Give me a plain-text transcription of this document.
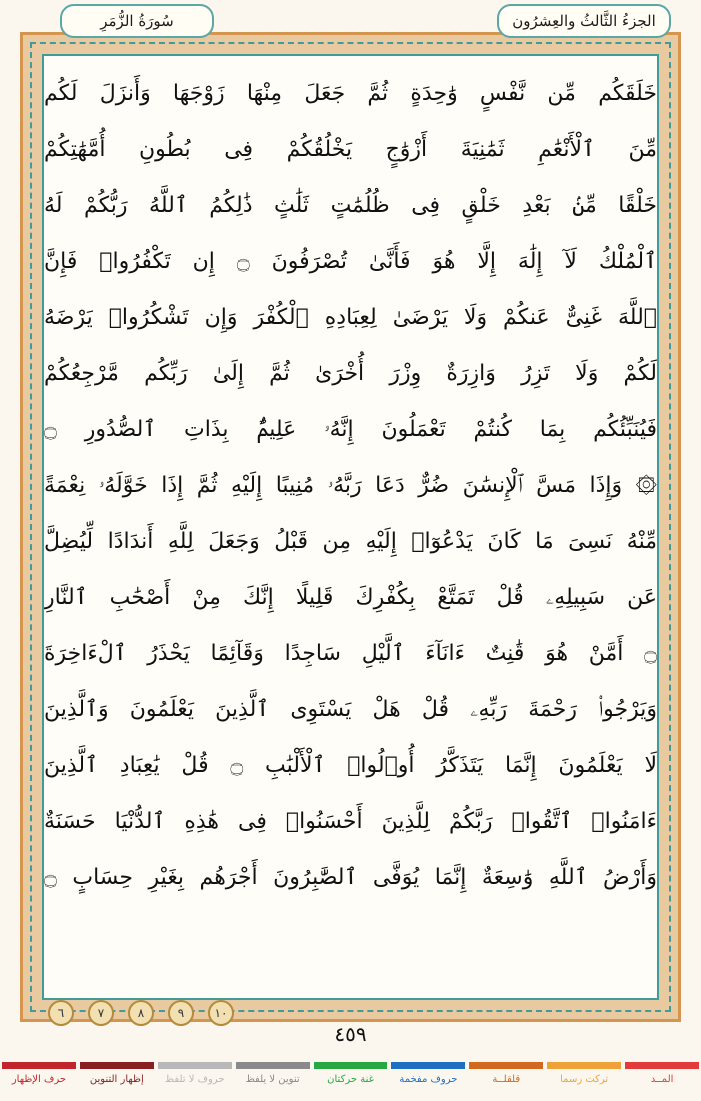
الجزءُ الثَّالثُ والعِشرُون
سُورَةُ الزُّمَرِ
خَلَقَكُم مِّن نَّفْسٍ وَٰحِدَةٍ ثُمَّ جَعَلَ مِنْهَا زَوْجَهَا وَأَنزَلَ لَكُم
مِّنَ ٱلْأَنْعَٰمِ ثَمَٰنِيَةَ أَزْوَٰجٍ يَخْلُقُكُمْ فِى بُطُونِ أُمَّهَٰتِكُمْ
خَلْقًا مِّنۢ بَعْدِ خَلْقٍ فِى ظُلُمَٰتٍ ثَلَٰثٍ ذَٰلِكُمُ ٱللَّهُ رَبُّكُمْ لَهُ
ٱلْمُلْكُ لَآ إِلَٰهَ إِلَّا هُوَ فَأَنَّىٰ تُصْرَفُونَ ۝ إِن تَكْفُرُوا۟ فَإِنَّ
ٱللَّهَ غَنِىٌّ عَنكُمْ وَلَا يَرْضَىٰ لِعِبَادِهِ ٱلْكُفْرَ وَإِن تَشْكُرُوا۟ يَرْضَهُ
لَكُمْ وَلَا تَزِرُ وَازِرَةٌ وِزْرَ أُخْرَىٰ ثُمَّ إِلَىٰ رَبِّكُم مَّرْجِعُكُمْ
فَيُنَبِّئُكُم بِمَا كُنتُمْ تَعْمَلُونَ إِنَّهُۥ عَلِيمٌۢ بِذَاتِ ٱلصُّدُورِ ۝
۞ وَإِذَا مَسَّ ٱلْإِنسَٰنَ ضُرٌّ دَعَا رَبَّهُۥ مُنِيبًا إِلَيْهِ ثُمَّ إِذَا خَوَّلَهُۥ نِعْمَةً
مِّنْهُ نَسِىَ مَا كَانَ يَدْعُوٓا۟ إِلَيْهِ مِن قَبْلُ وَجَعَلَ لِلَّهِ أَندَادًا لِّيُضِلَّ
عَن سَبِيلِهِۦ قُلْ تَمَتَّعْ بِكُفْرِكَ قَلِيلًا إِنَّكَ مِنْ أَصْحَٰبِ ٱلنَّارِ
۝ أَمَّنْ هُوَ قَٰنِتٌ ءَانَآءَ ٱلَّيْلِ سَاجِدًا وَقَآئِمًا يَحْذَرُ ٱلْءَاخِرَةَ
وَيَرْجُوا۟ رَحْمَةَ رَبِّهِۦ قُلْ هَلْ يَسْتَوِى ٱلَّذِينَ يَعْلَمُونَ وَٱلَّذِينَ
لَا يَعْلَمُونَ إِنَّمَا يَتَذَكَّرُ أُو۟لُوا۟ ٱلْأَلْبَٰبِ ۝ قُلْ يَٰعِبَادِ ٱلَّذِينَ
ءَامَنُوا۟ ٱتَّقُوا۟ رَبَّكُمْ لِلَّذِينَ أَحْسَنُوا۟ فِى هَٰذِهِ ٱلدُّنْيَا حَسَنَةٌ
وَأَرْضُ ٱللَّهِ وَٰسِعَةٌ إِنَّمَا يُوَفَّى ٱلصَّٰبِرُونَ أَجْرَهُم بِغَيْرِ حِسَابٍ ۝
٦	٧	٨	٩	١٠
٤٥٩
المــد
تركت رسما
قلقلــة
حروف مفخمة
غنة حركتان
تنوين لا يلفظ
حروف لا تلفظ
إظهار التنوين
حرف الإظهار
